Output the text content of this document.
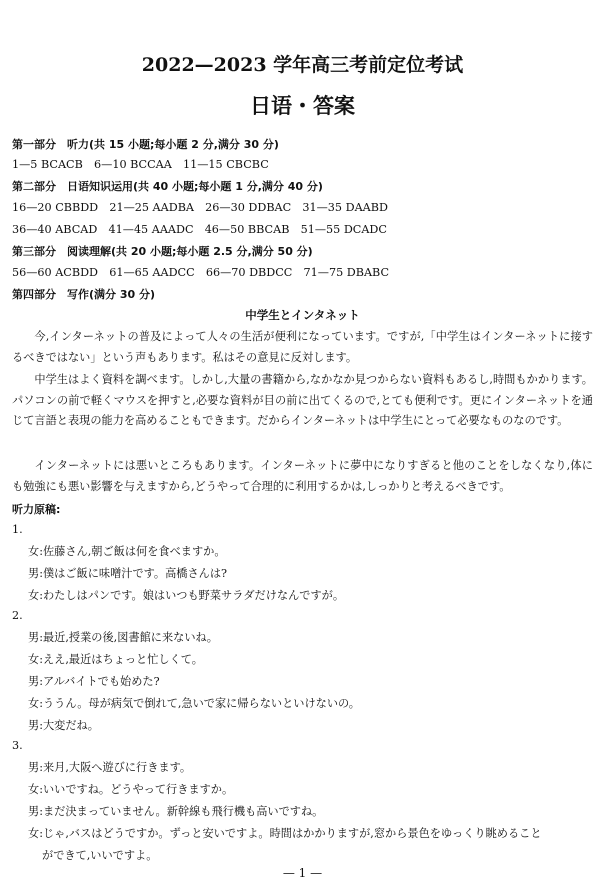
2022—2023 学年高三考前定位考试
日语・答案
第一部分　听力(共 15 小题;每小题 2 分,满分 30 分)
1—5 BCACB　6—10 BCCAA　11—15 CBCBC
第二部分　日语知识运用(共 40 小题;每小题 1 分,满分 40 分)
16—20 CBBDD　21—25 AADBA　26—30 DDBAC　31—35 DAABD
36—40 ABCAD　41—45 AAADC　46—50 BBCAB　51—55 DCADC
第三部分　阅读理解(共 20 小题;每小题 2.5 分,满分 50 分)
56—60 ACBDD　61—65 AADCC　66—70 DBDCC　71—75 DBABC
第四部分　写作(满分 30 分)
中学生とインタネット
今,インターネットの普及によって人々の生活が便利になっています。ですが,「中学生はインターネットに接するべきではない」という声もあります。私はその意見に反対します。
中学生はよく資料を調べます。しかし,大量の書籍から,なかなか見つからない資料もあるし,時間もかかります。パソコンの前で軽くマウスを押すと,必要な資料が目の前に出てくるので,とても便利です。更にインターネットを通じて言語と表現の能力を高めることもできます。だからインターネットは中学生にとって必要なものなのです。
インターネットには悪いところもあります。インターネットに夢中になりすぎると他のことをしなくなり,体にも勉強にも悪い影響を与えますから,どうやって合理的に利用するかは,しっかりと考えるべきです。
听力原稿:
1.
女:佐藤さん,朝ご飯は何を食べますか。
男:僕はご飯に味噌汁です。高橋さんは?
女:わたしはパンです。娘はいつも野菜サラダだけなんですが。
2.
男:最近,授業の後,図書館に来ないね。
女:ええ,最近はちょっと忙しくて。
男:アルバイトでも始めた?
女:ううん。母が病気で倒れて,急いで家に帰らないといけないの。
男:大変だね。
3.
男:来月,大阪へ遊びに行きます。
女:いいですね。どうやって行きますか。
男:まだ決まっていません。新幹線も飛行機も高いですね。
女:じゃ,バスはどうですか。ずっと安いですよ。時間はかかりますが,窓から景色をゆっくり眺めること
ができて,いいですよ。
— 1 —
